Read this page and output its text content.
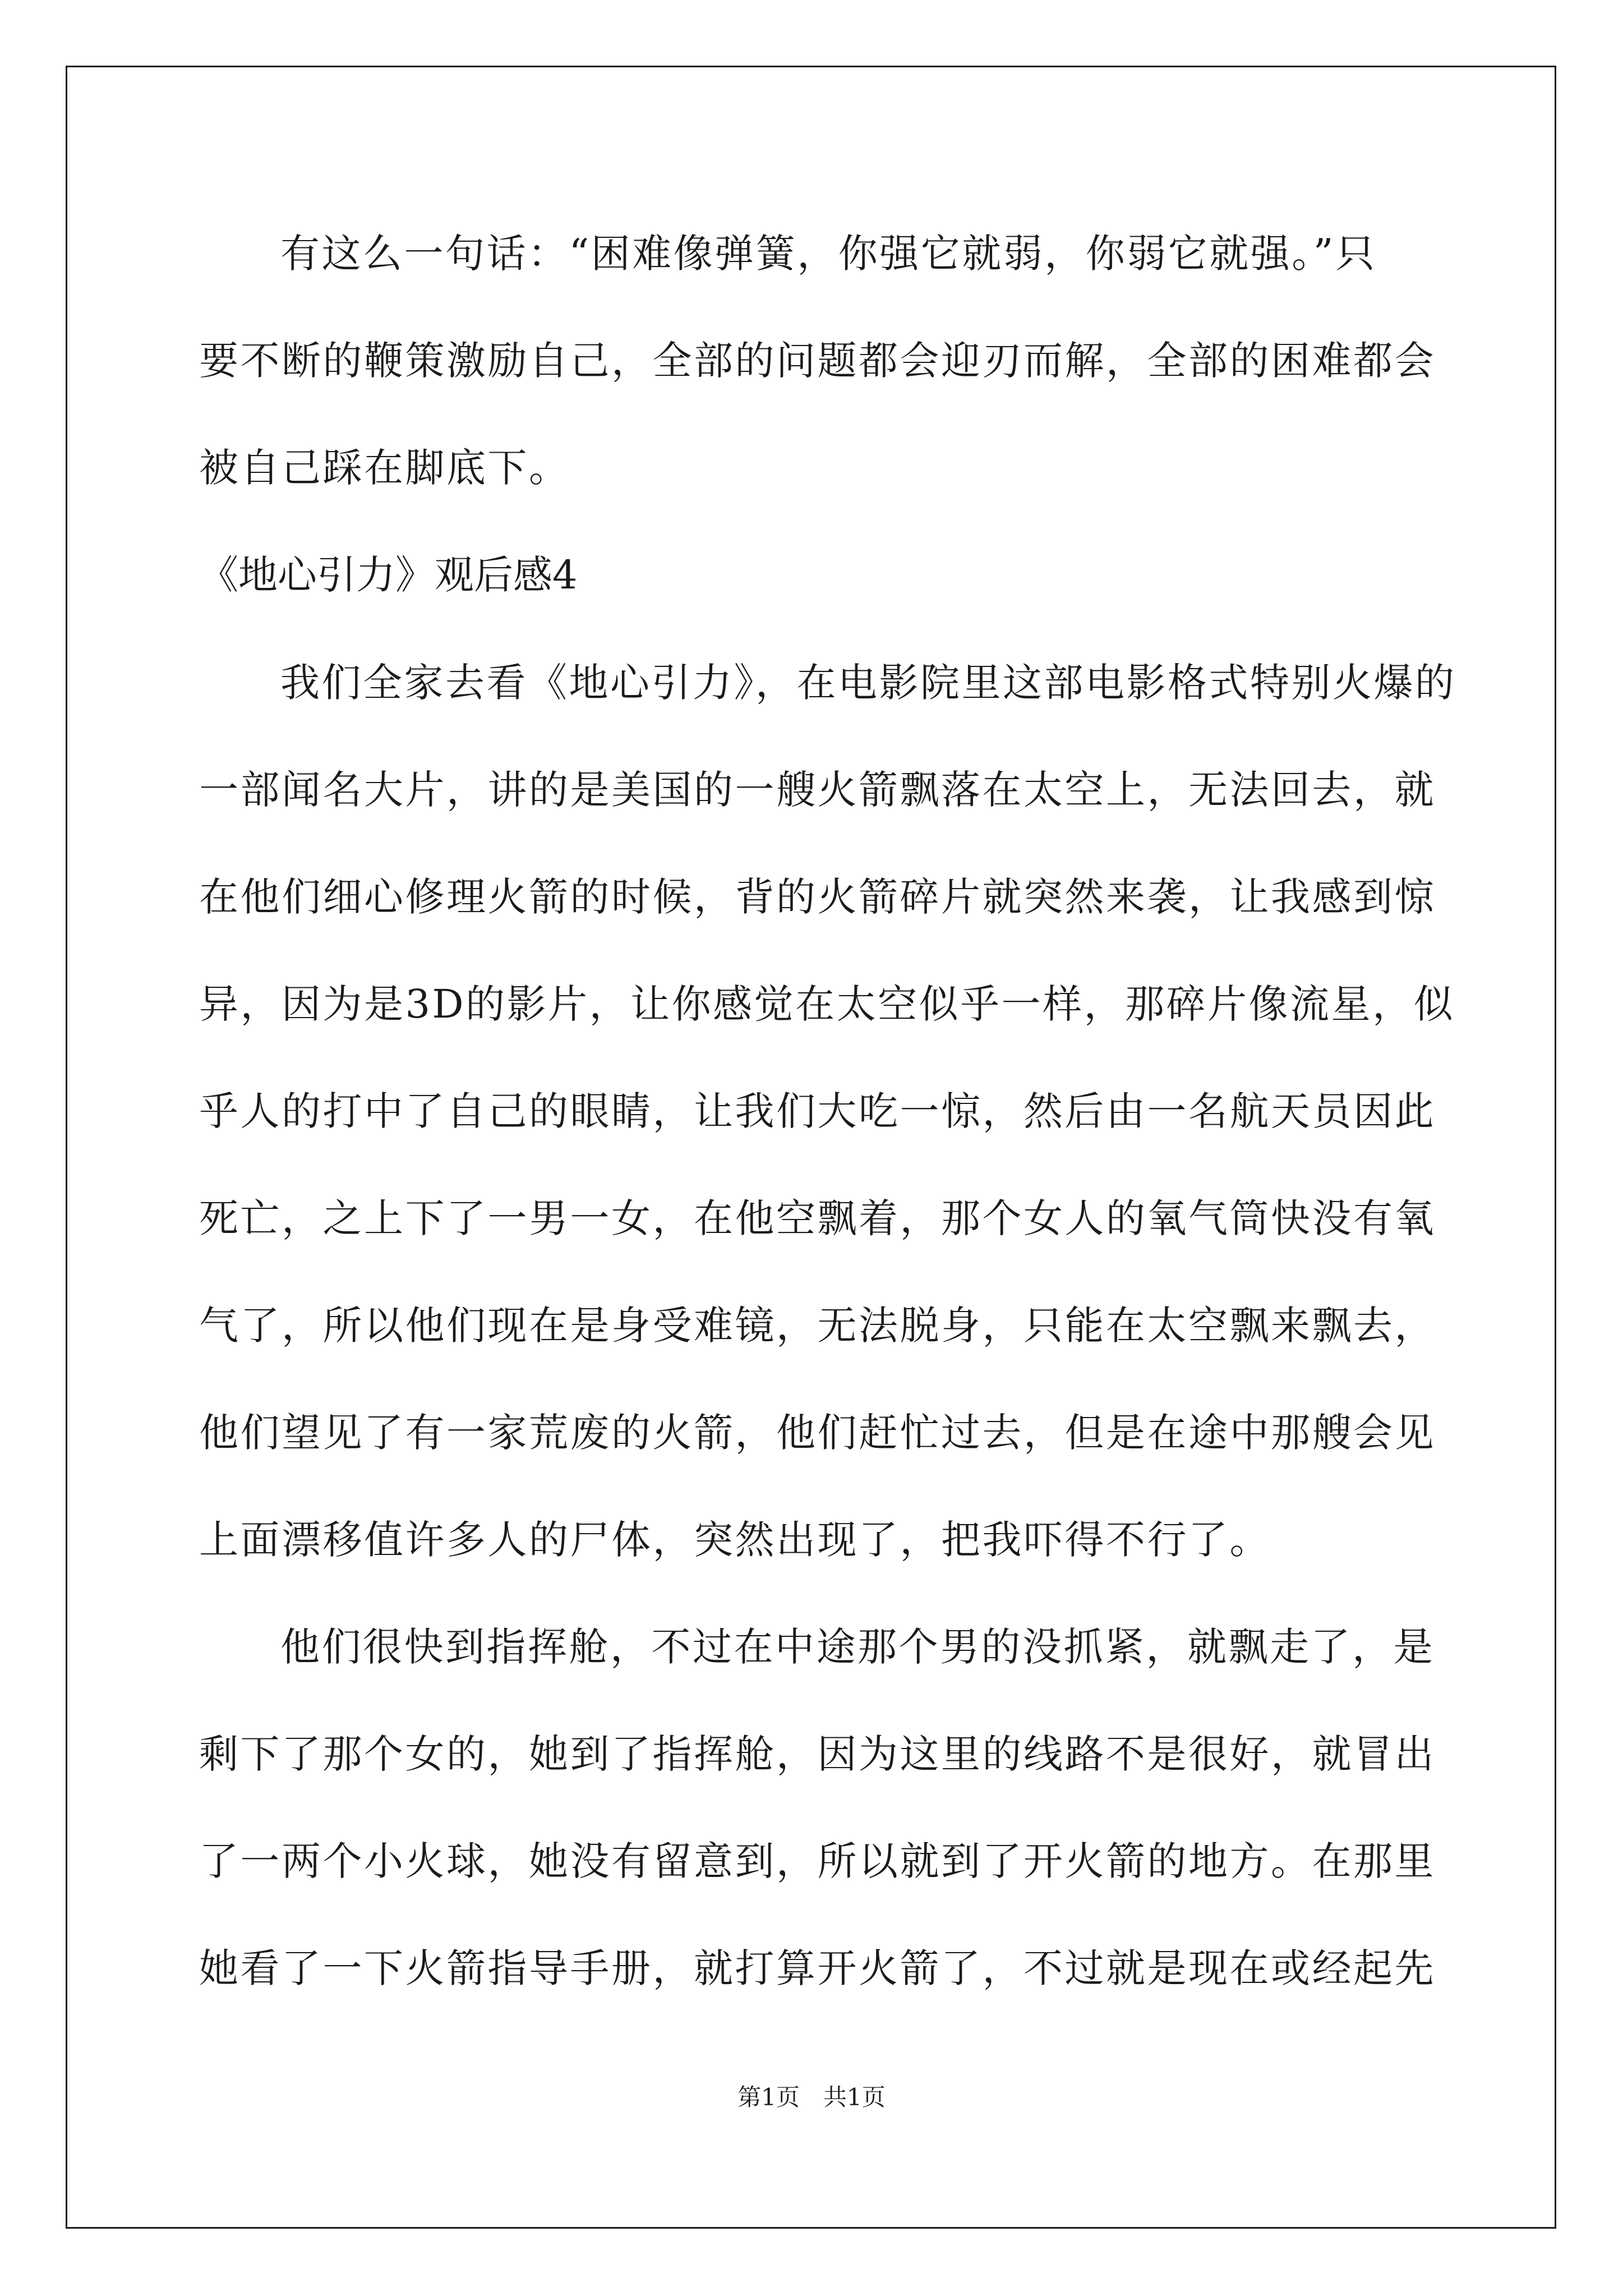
有这么一句话：“困难像弹簧，你强它就弱，你弱它就强。”只
要不断的鞭策激励自己，全部的问题都会迎刃而解，全部的困难都会
被自己踩在脚底下。
《地心引力》观后感4
我们全家去看《地心引力》，在电影院里这部电影格式特别火爆的
一部闻名大片，讲的是美国的一艘火箭飘落在太空上，无法回去，就
在他们细心修理火箭的时候，背的火箭碎片就突然来袭，让我感到惊
异，因为是3D的影片，让你感觉在太空似乎一样，那碎片像流星，似
乎人的打中了自己的眼睛，让我们大吃一惊，然后由一名航天员因此
死亡，之上下了一男一女，在他空飘着，那个女人的氧气筒快没有氧
气了，所以他们现在是身受难镜，无法脱身，只能在太空飘来飘去，
他们望见了有一家荒废的火箭，他们赶忙过去，但是在途中那艘会见
上面漂移值许多人的尸体，突然出现了，把我吓得不行了。
他们很快到指挥舱，不过在中途那个男的没抓紧，就飘走了，是
剩下了那个女的，她到了指挥舱，因为这里的线路不是很好，就冒出
了一两个小火球，她没有留意到，所以就到了开火箭的地方。在那里
她看了一下火箭指导手册，就打算开火箭了，不过就是现在或经起先
第1页　共1页
